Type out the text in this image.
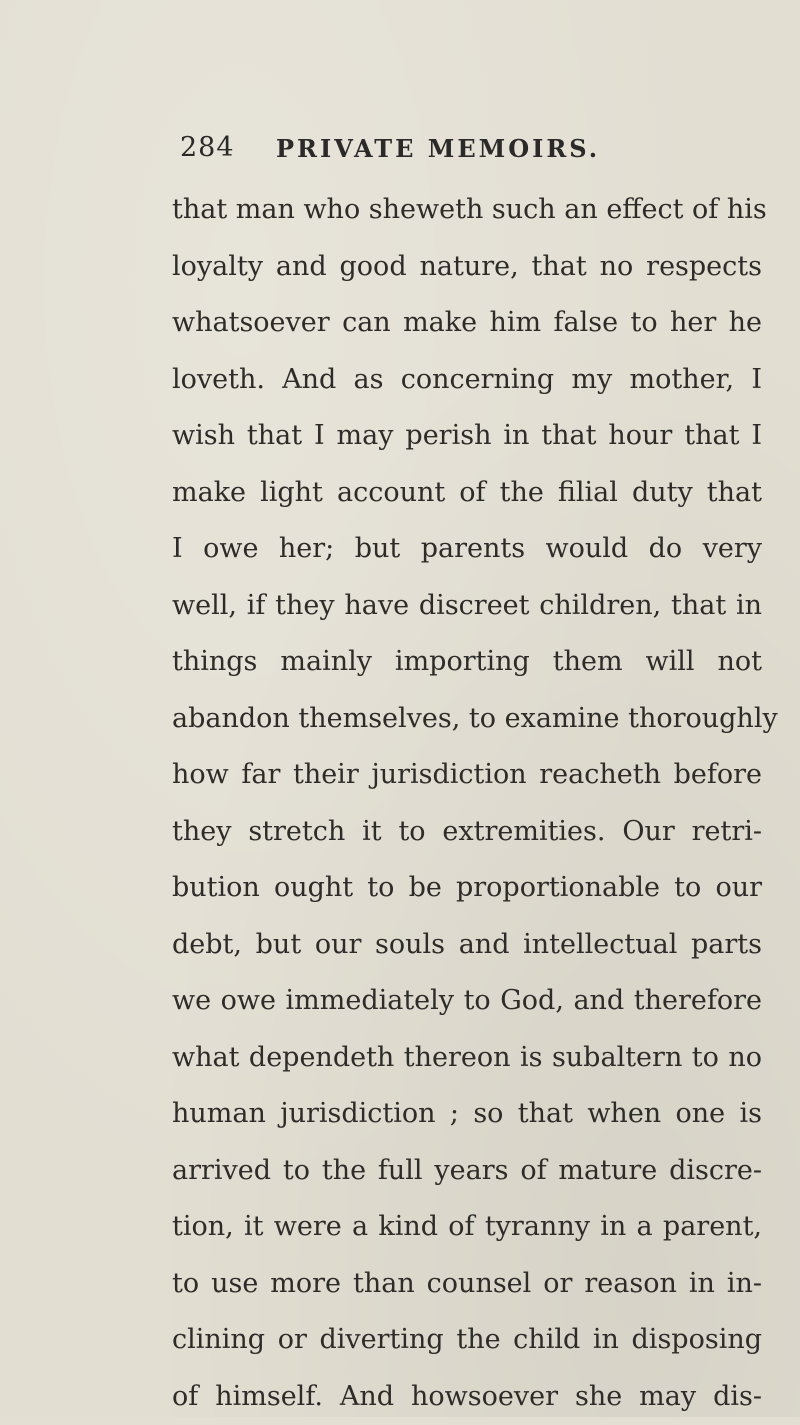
284 PRIVATE MEMOIRS.
that man who sheweth such an effect of his
loyalty and good nature, that no respects
whatsoever can make him false to her he
loveth. And as concerning my mother, I
wish that I may perish in that hour that I
make light account of the filial duty that
I owe her; but parents would do very
well, if they have discreet children, that in
things mainly importing them will not
abandon themselves, to examine thoroughly
how far their jurisdiction reacheth before
they stretch it to extremities. Our retri-
bution ought to be proportionable to our
debt, but our souls and intellectual parts
we owe immediately to God, and therefore
what dependeth thereon is subaltern to no
human jurisdiction ; so that when one is
arrived to the full years of mature discre-
tion, it were a kind of tyranny in a parent,
to use more than counsel or reason in in-
clining or diverting the child in disposing
of himself. And howsoever she may dis-
